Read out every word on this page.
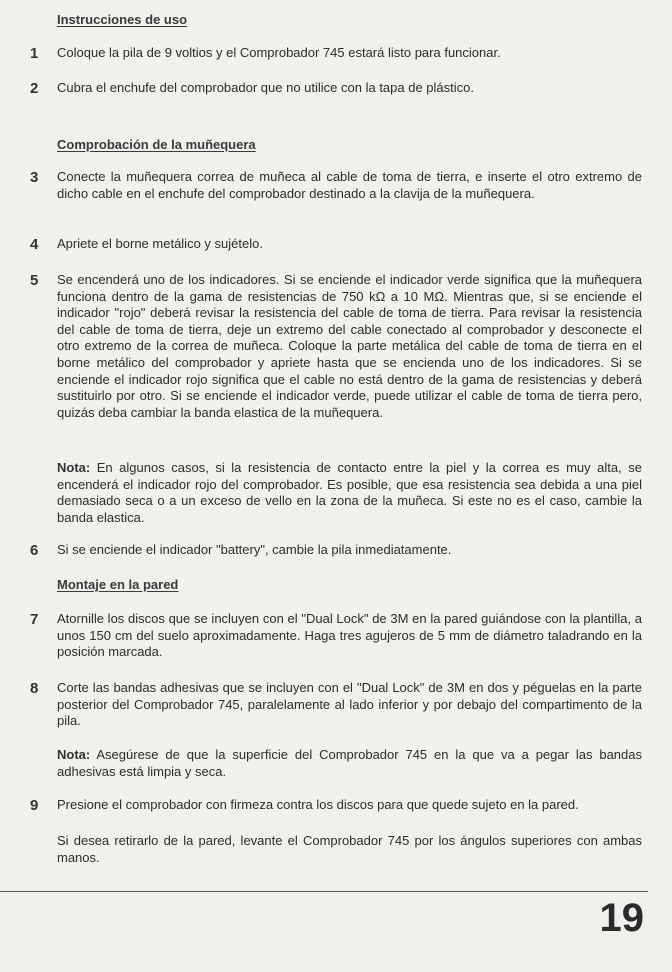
Instrucciones de uso
1	Coloque la pila de 9 voltios y el Comprobador 745 estará listo para funcionar.
2	Cubra el enchufe del comprobador que no utilice con la tapa de plástico.
Comprobación de la muñequera
3	Conecte la muñequera correa de muñeca al cable de toma de tierra, e inserte el otro extremo de dicho cable en el enchufe del comprobador destinado a la clavija de la muñequera.
4	Apriete el borne metálico y sujételo.
5	Se encenderá uno de los indicadores. Si se enciende el indicador verde significa que la muñequera funciona dentro de la gama de resistencias de 750 kΩ a 10 MΩ. Mientras que, si se enciende el indicador "rojo" deberá revisar la resistencia del cable de toma de tierra. Para revisar la resistencia del cable de toma de tierra, deje un extremo del cable conectado al comprobador y desconecte el otro extremo de la correa de muñeca. Coloque la parte metálica del cable de toma de tierra en el borne metálico del comprobador y apriete hasta que se encienda uno de los indicadores. Si se enciende el indicador rojo significa que el cable no está dentro de la gama de resistencias y deberá sustituirlo por otro. Si se enciende el indicador verde, puede utilizar el cable de toma de tierra pero, quizás deba cambiar la banda elastica de la muñequera.
Nota: En algunos casos, si la resistencia de contacto entre la piel y la correa es muy alta, se encenderá el indicador rojo del comprobador. Es posible, que esa resistencia sea debida a una piel demasiado seca o a un exceso de vello en la zona de la muñeca. Si este no es el caso, cambie la banda elastica.
6	Si se enciende el indicador "battery", cambie la pila inmediatamente.
Montaje en la pared
7	Atornille los discos que se incluyen con el "Dual Lock" de 3M en la pared guiándose con la plantilla, a unos 150 cm del suelo aproximadamente. Haga tres agujeros de 5 mm de diámetro taladrando en la posición marcada.
8	Corte las bandas adhesivas que se incluyen con el "Dual Lock" de 3M en dos y péguelas en la parte posterior del Comprobador 745, paralelamente al lado inferior y por debajo del compartimento de la pila.
Nota: Asegúrese de que la superficie del Comprobador 745 en la que va a pegar las bandas adhesivas está limpia y seca.
9	Presione el comprobador con firmeza contra los discos para que quede sujeto en la pared.
Si desea retirarlo de la pared, levante el Comprobador 745 por los ángulos superiores con ambas manos.
19
